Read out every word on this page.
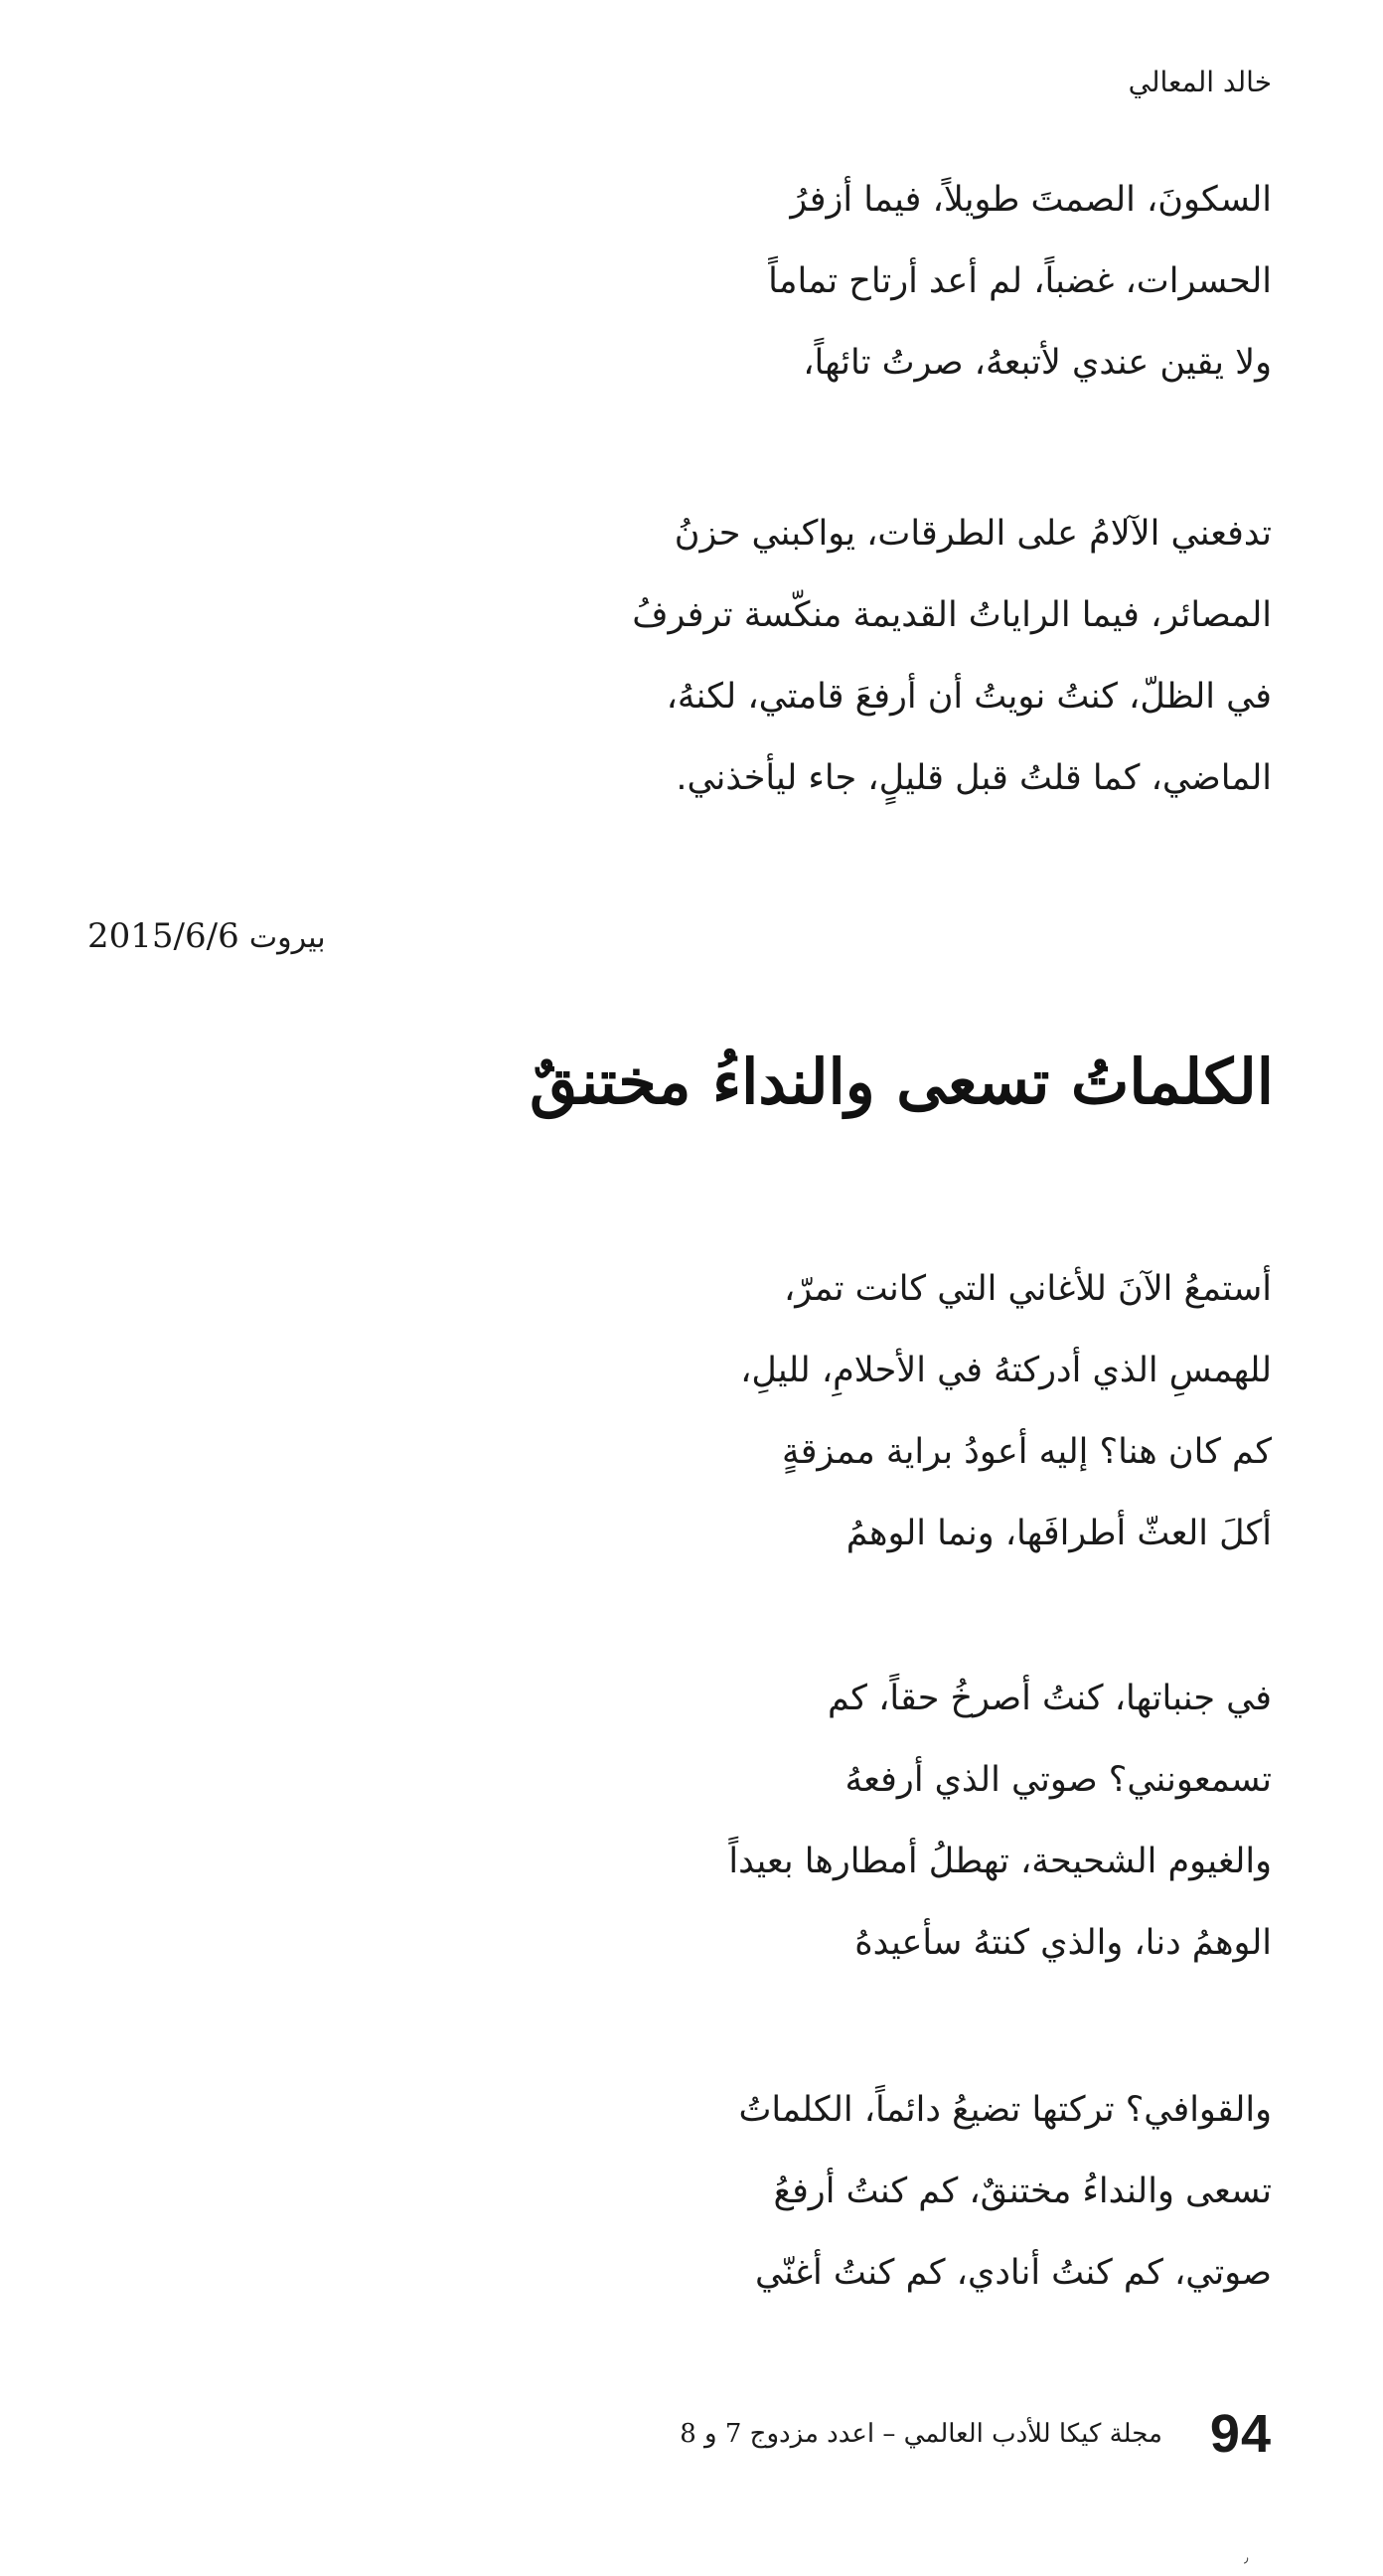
خالد المعالي
السكونَ، الصمتَ طويلاً، فيما أزفرُ
الحسرات، غضباً، لم أعد أرتاح تماماً
ولا يقين عندي لأتبعهُ، صرتُ تائهاً،
تدفعني الآلامُ على الطرقات، يواكبني حزنُ
المصائر، فيما الراياتُ القديمة منكّسة ترفرفُ
في الظلّ، كنتُ نويتُ أن أرفعَ قامتي، لكنهُ،
الماضي، كما قلتُ قبل قليلٍ، جاء ليأخذني.
2015/6/6 بيروت
الكلماتُ تسعى والنداءُ مختنقٌ
أستمعُ الآنَ للأغاني التي كانت تمرّ،
للهمسِ الذي أدركتهُ في الأحلامِ، لليلِ،
كم كان هنا؟ إليه أعودُ براية ممزقةٍ
أكلَ العثّ أطرافَها، ونما الوهمُ
في جنباتها، كنتُ أصرخُ حقاً، كم
تسمعونني؟ صوتي الذي أرفعهُ
والغيوم الشحيحة، تهطلُ أمطارها بعيداً
الوهمُ دنا، والذي كنتهُ سأعيدهُ
والقوافي؟ تركتها تضيعُ دائماً، الكلماتُ
تسعى والنداءُ مختنقٌ، كم كنتُ أرفعُ
صوتي، كم كنتُ أنادي، كم كنتُ أغنّي
مجلة كيكا للأدب العالمي – اعدد مزدوج 7 و 8 94
٫
